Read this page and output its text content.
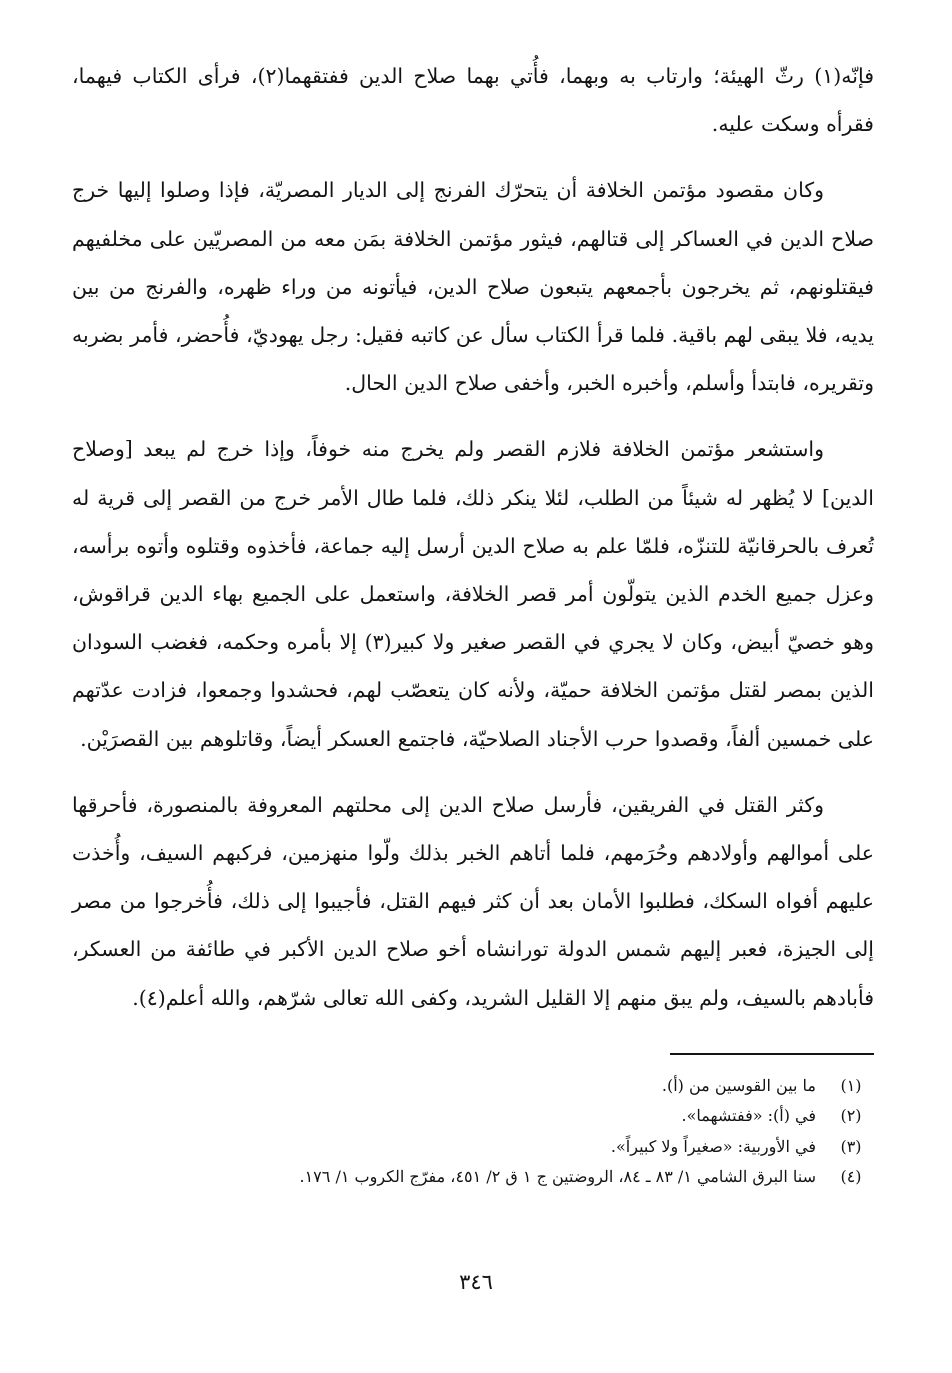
فإنّه(١) رثّ الهيئة؛ وارتاب به وبهما، فأُتي بهما صلاح الدين ففتقهما(٢)، فرأى الكتاب فيهما، فقرأه وسكت عليه.

وكان مقصود مؤتمن الخلافة أن يتحرّك الفرنج إلى الديار المصريّة، فإذا وصلوا إليها خرج صلاح الدين في العساكر إلى قتالهم، فيثور مؤتمن الخلافة بمَن معه من المصريّين على مخلفيهم فيقتلونهم، ثم يخرجون بأجمعهم يتبعون صلاح الدين، فيأتونه من وراء ظهره، والفرنج من بين يديه، فلا يبقى لهم باقية. فلما قرأ الكتاب سأل عن كاتبه فقيل: رجل يهوديّ، فأُحضر، فأمر بضربه وتقريره، فابتدأ وأسلم، وأخبره الخبر، وأخفى صلاح الدين الحال.

واستشعر مؤتمن الخلافة فلازم القصر ولم يخرج منه خوفاً، وإذا خرج لم يبعد [وصلاح الدين] لا يُظهر له شيئاً من الطلب، لئلا ينكر ذلك، فلما طال الأمر خرج من القصر إلى قرية له تُعرف بالحرقانيّة للتنزّه، فلمّا علم به صلاح الدين أرسل إليه جماعة، فأخذوه وقتلوه وأتوه برأسه، وعزل جميع الخدم الذين يتولّون أمر قصر الخلافة، واستعمل على الجميع بهاء الدين قراقوش، وهو خصيّ أبيض، وكان لا يجري في القصر صغير ولا كبير(٣) إلا بأمره وحكمه، فغضب السودان الذين بمصر لقتل مؤتمن الخلافة حميّة، ولأنه كان يتعصّب لهم، فحشدوا وجمعوا، فزادت عدّتهم على خمسين ألفاً، وقصدوا حرب الأجناد الصلاحيّة، فاجتمع العسكر أيضاً، وقاتلوهم بين القصرَيْن.

وكثر القتل في الفريقين، فأرسل صلاح الدين إلى محلتهم المعروفة بالمنصورة، فأحرقها على أموالهم وأولادهم وحُرَمهم، فلما أتاهم الخبر بذلك ولّوا منهزمين، فركبهم السيف، وأُخذت عليهم أفواه السكك، فطلبوا الأمان بعد أن كثر فيهم القتل، فأجيبوا إلى ذلك، فأُخرجوا من مصر إلى الجيزة، فعبر إليهم شمس الدولة تورانشاه أخو صلاح الدين الأكبر في طائفة من العسكر، فأبادهم بالسيف، ولم يبق منهم إلا القليل الشريد، وكفى الله تعالى شرّهم، والله أعلم(٤).

(١)
ما بين القوسين من (أ).
(٢)
في (أ): «ففتشهما».
(٣)
في الأوربية: «صغيراً ولا كبيراً».
(٤)
سنا البرق الشامي ١/ ٨٣ ـ ٨٤، الروضتين ج ١ ق ٢/ ٤٥١، مفرّج الكروب ١/ ١٧٦.
٣٤٦
